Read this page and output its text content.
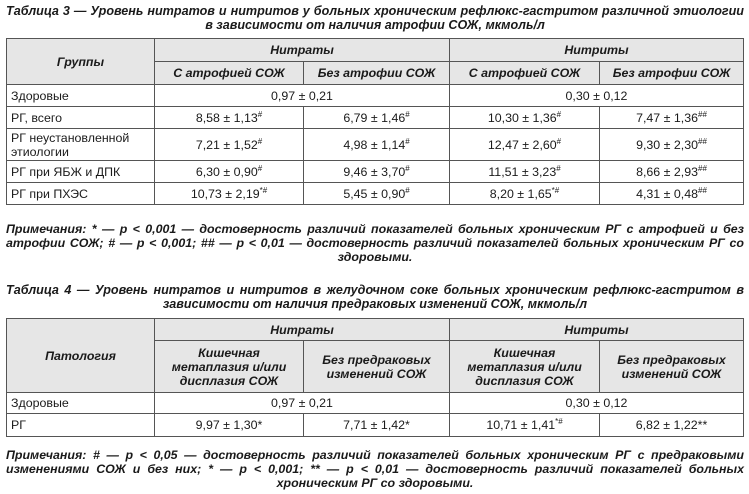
Таблица 3 — Уровень нитратов и нитритов у больных хроническим рефлюкс-гастритом различной этиологии в зависимости от наличия атрофии СОЖ, мкмоль/л
Группы	Нитраты		Нитриты	
	С атрофией СОЖ	Без атрофии СОЖ	С атрофией СОЖ	Без атрофии СОЖ
Здоровые	0,97 ± 0,21		0,30 ± 0,12	
РГ, всего	8,58 ± 1,13#	6,79 ± 1,46#	10,30 ± 1,36#	7,47 ± 1,36##
РГ неустановленной этиологии	7,21 ± 1,52#	4,98 ± 1,14#	12,47 ± 2,60#	9,30 ± 2,30##
РГ при ЯБЖ и ДПК	6,30 ± 0,90#	9,46 ± 3,70#	11,51 ± 3,23#	8,66 ± 2,93##
РГ при ПХЭС	10,73 ± 2,19*#	5,45 ± 0,90#	8,20 ± 1,65*#	4,31 ± 0,48##
Примечания: * — р < 0,001 — достоверность различий показателей больных хроническим РГ с атрофией и без атрофии СОЖ; # — р < 0,001; ## — р < 0,01 — достоверность различий показателей больных хроническим РГ со здоровыми.
Таблица 4 — Уровень нитратов и нитритов в желудочном соке больных хроническим рефлюкс-гастритом в зависимости от наличия предраковых изменений СОЖ, мкмоль/л
Патология	Нитраты		Нитриты	
	Кишечная метаплазия и/или дисплазия СОЖ	Без предраковых изменений СОЖ	Кишечная метаплазия и/или дисплазия СОЖ	Без предраковых изменений СОЖ
Здоровые	0,97 ± 0,21		0,30 ± 0,12	
РГ	9,97 ± 1,30*	7,71 ± 1,42*	10,71 ± 1,41*#	6,82 ± 1,22**
Примечания: # — р < 0,05 — достоверность различий показателей больных хроническим РГ с предраковыми изменениями СОЖ и без них; * — р < 0,001; ** — р < 0,01 — достоверность различий показателей больных хроническим РГ со здоровыми.
